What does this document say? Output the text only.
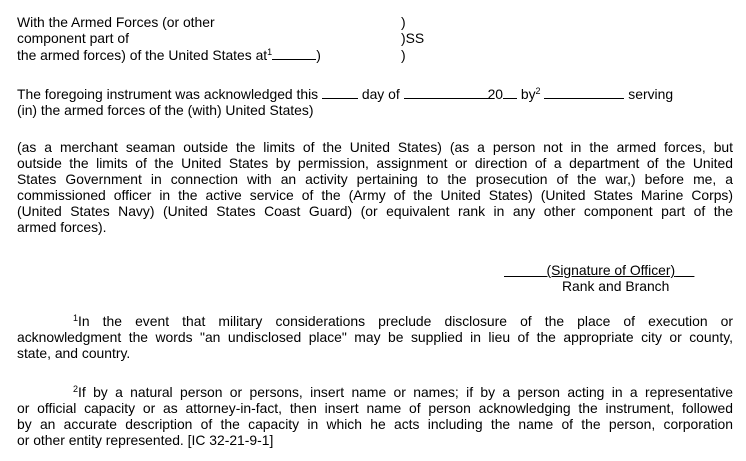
With the Armed Forces (or other
component part of
the armed forces) of the United States $at^1$	)
)
)SS
)
The foregoing instrument was acknowledged this	day of	20 $by^2$	serving
(in) the armed forces of the (with) United States)
(as a merchant seaman outside the limits of the United States) (as a person not in the armed forces, but
outside the limits of the United States by permission, assignment or direction of a department of the United
States Government in connection with an activity pertaining to the prosecution of the war,) before me, a
commissioned officer in the active service of the (Army of the United States) (United States Marine Corps)
(United States Navy) (United States Coast Guard) (or equivalent rank in any other component part of the
armed forces).
(Signature of Officer)
Rank and Branch
$^1$In the event that military considerations preclude disclosure of the place of execution or
acknowledgment the words "an undisclosed place" may be supplied in lieu of the appropriate city or county,
state, and country.
$^2$If by a natural person or persons, insert name or names; if by a person acting in a representative
or official capacity or as attorney-in-fact, then insert name of person acknowledging the instrument, followed
by an accurate description of the capacity in which he acts including the name of the person, corporation
or other entity represented. [IC 32-21-9-1]
